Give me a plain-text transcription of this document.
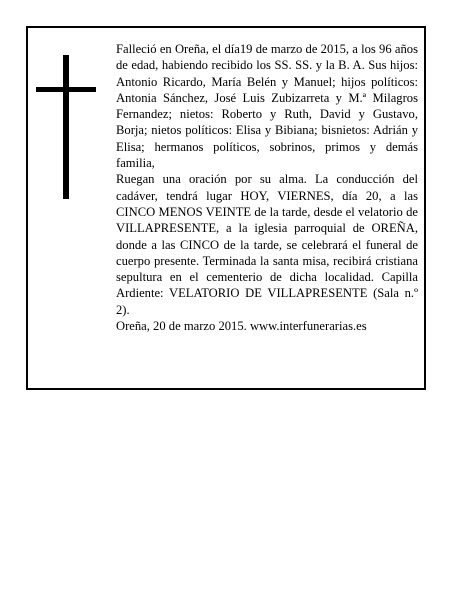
Falleció en Oreña, el día19 de marzo de 2015, a los 96 años de edad, habiendo recibido los SS. SS. y la B. A. Sus hijos: Antonio Ricardo, María Belén y Manuel; hijos políticos: Antonia Sánchez, José Luis Zubizarreta y M.ª Milagros Fernandez; nietos: Roberto y Ruth, David y Gustavo, Borja; nietos políticos: Elisa y Bibiana; bisnietos: Adrián y Elisa; hermanos políticos, sobrinos, primos y demás familia,

Ruegan una oración por su alma. La conducción del cadáver, tendrá lugar HOY, VIERNES, día 20, a las CINCO MENOS VEINTE de la tarde, desde el velatorio de VILLAPRESENTE, a la iglesia parroquial de OREÑA, donde a las CINCO de la tarde, se celebrará el funeral de cuerpo presente. Terminada la santa misa, recibirá cristiana sepultura en el cementerio de dicha localidad. Capilla Ardiente: VELATORIO DE VILLAPRESENTE (Sala n.º 2).

Oreña, 20 de marzo 2015. www.interfunerarias.es
